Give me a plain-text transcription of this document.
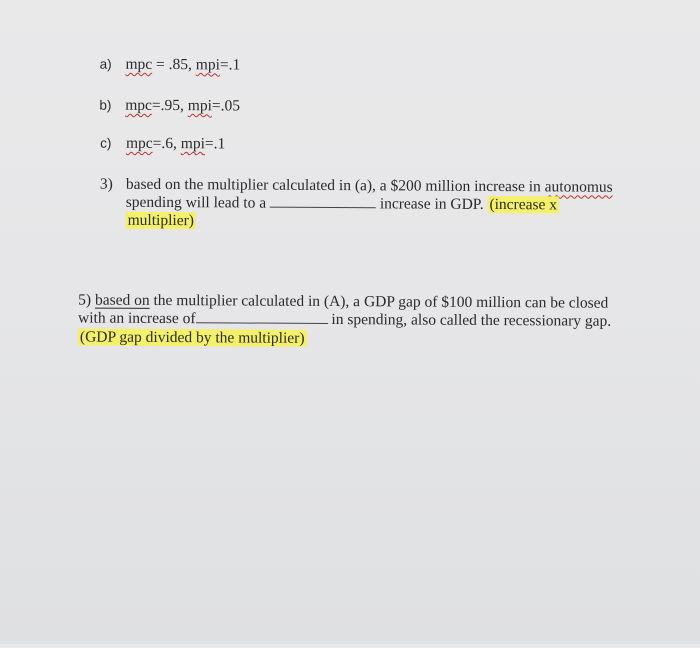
a) mpc = .85, mpi=.1
b) mpc=.95, mpi=.05
c) mpc=.6, mpi=.1
3) based on the multiplier calculated in (a), a $200 million increase in autonomus
spending will lead to a	increase in GDP. (increase x
multiplier)
5) based on the multiplier calculated in (A), a GDP gap of $100 million can be closed
with an increase of	in spending, also called the recessionary gap.
(GDP gap divided by the multiplier)
